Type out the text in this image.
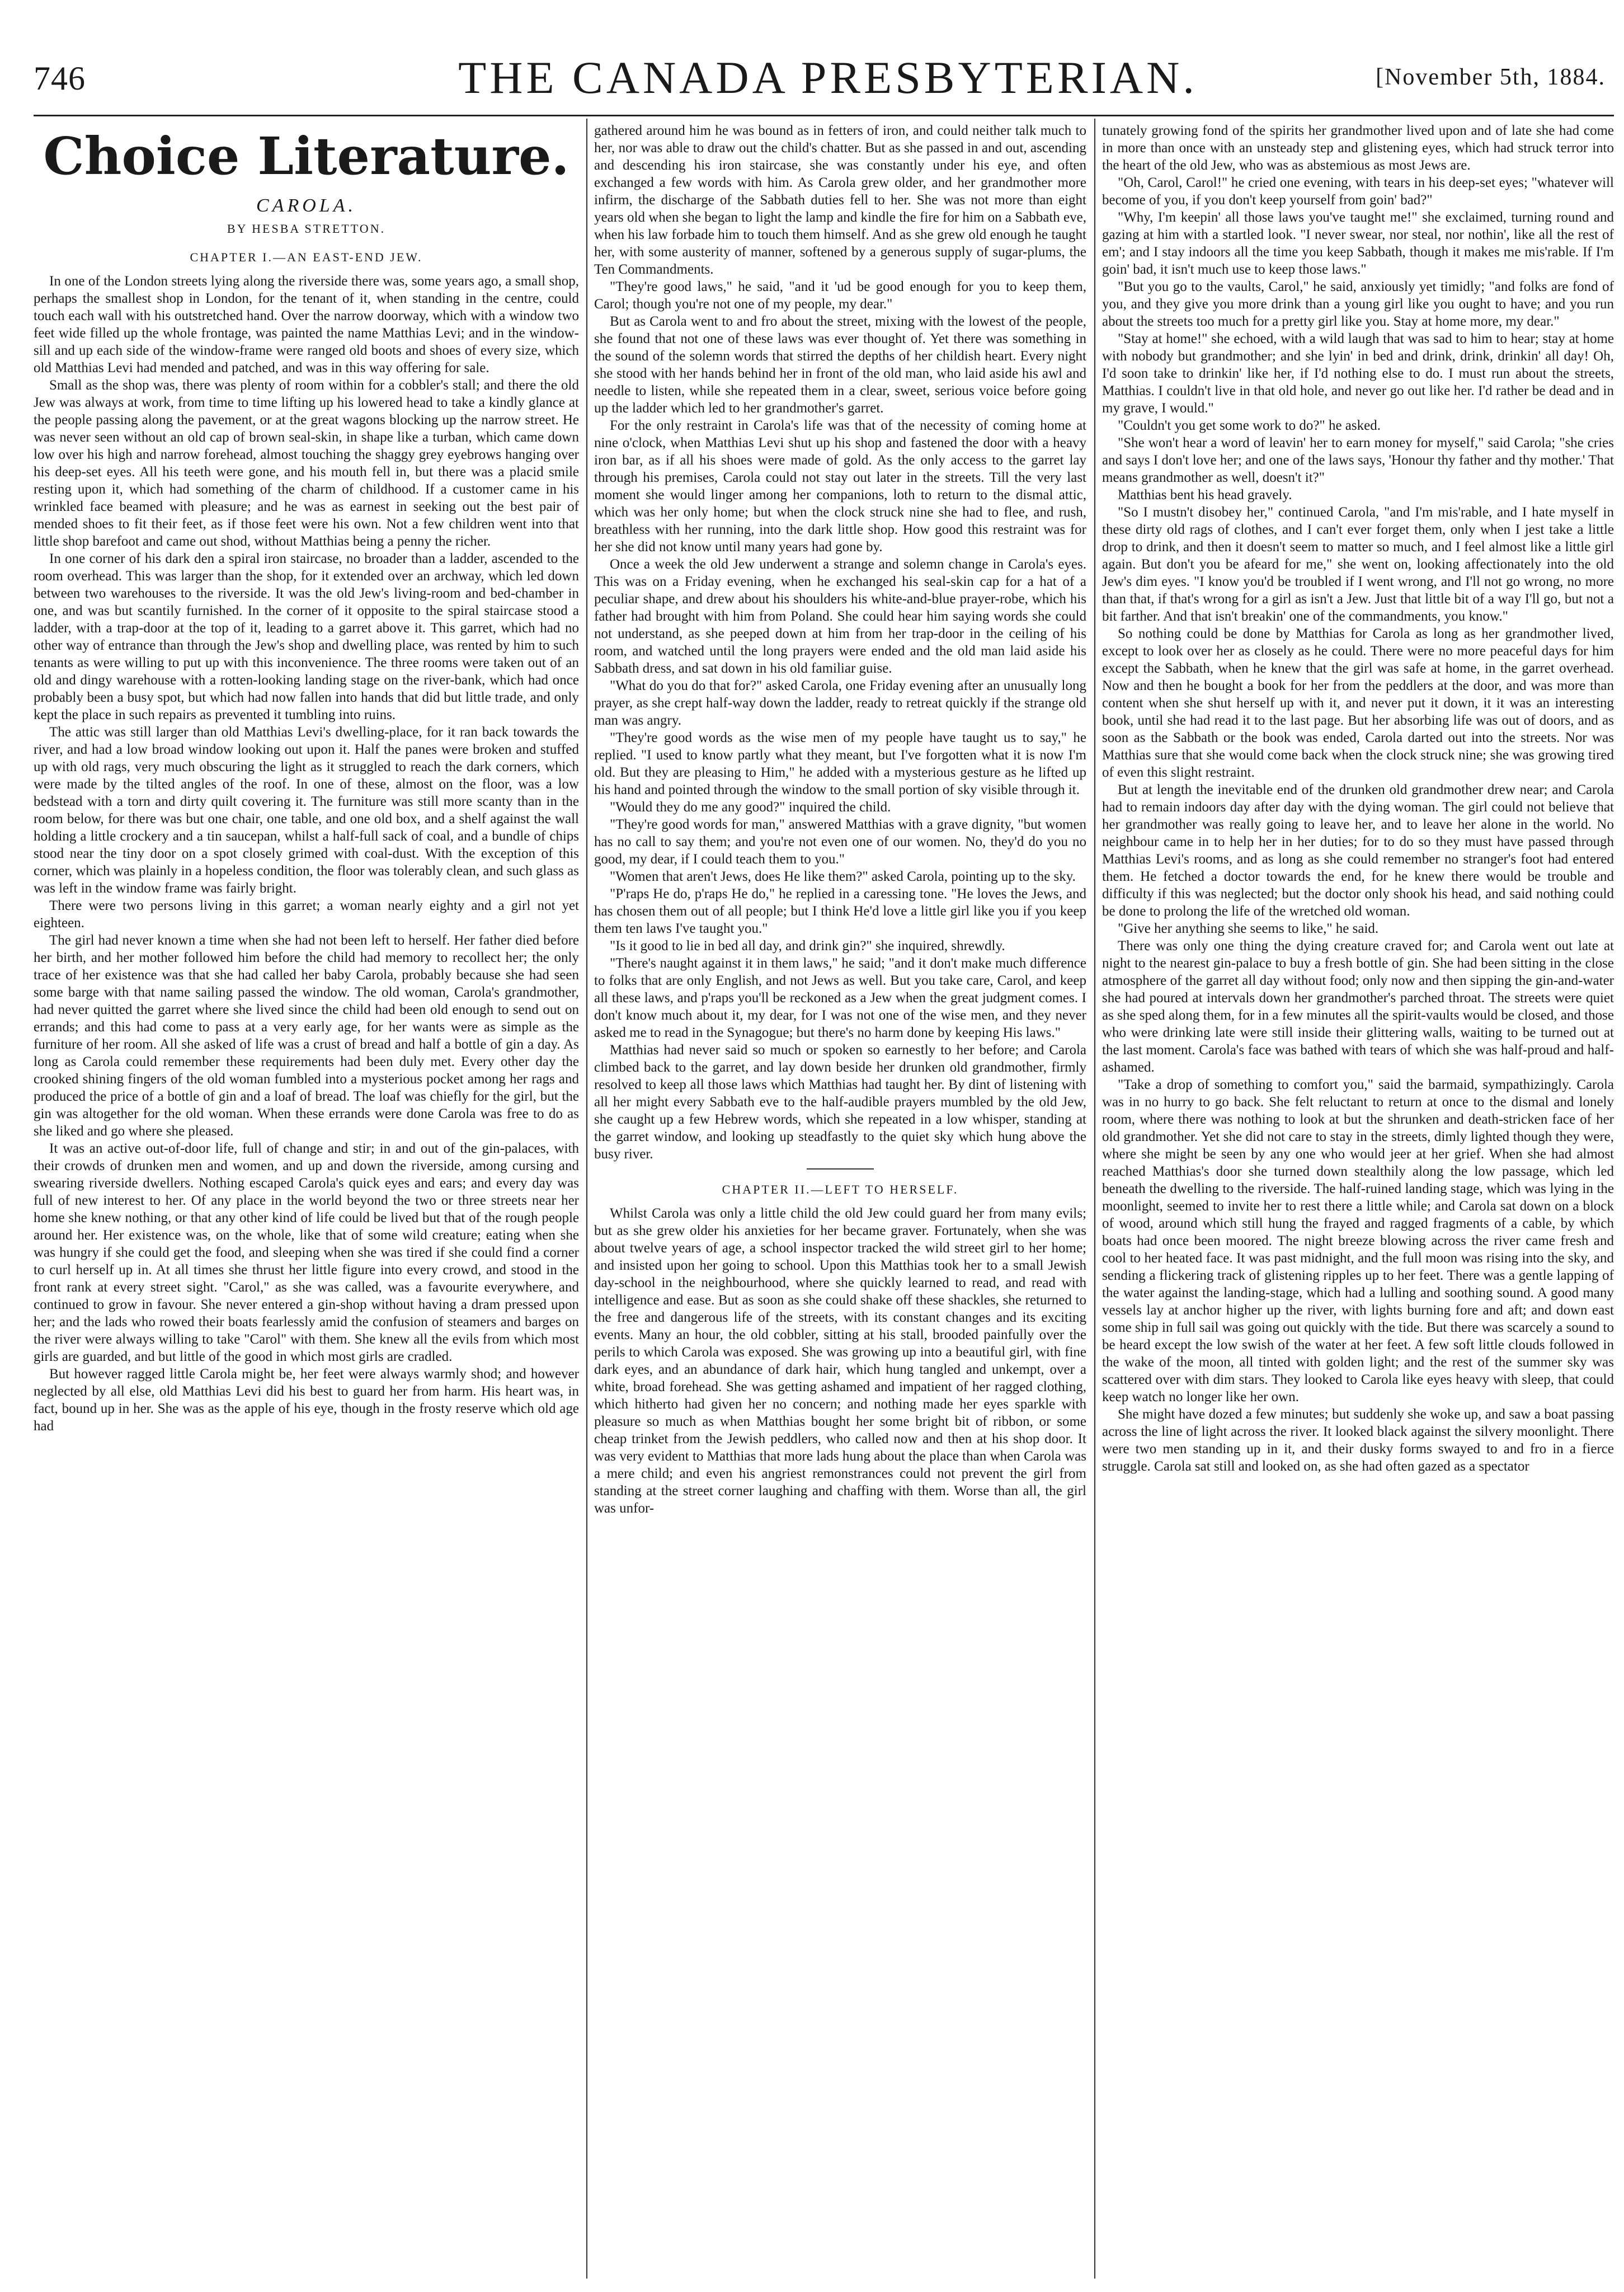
746	THE CANADA PRESBYTERIAN.	[November 5th, 1884.
Choice Literature.
CAROLA.
BY HESBA STRETTON.
CHAPTER I.—AN EAST-END JEW.

In one of the London streets lying along the riverside there was, some years ago, a small shop, perhaps the smallest shop in London, for the tenant of it, when standing in the centre, could touch each wall with his outstretched hand. Over the narrow doorway, which with a window two feet wide filled up the whole frontage, was painted the name Matthias Levi; and in the window-sill and up each side of the window-frame were ranged old boots and shoes of every size, which old Matthias Levi had mended and patched, and was in this way offering for sale.

Small as the shop was, there was plenty of room within for a cobbler's stall; and there the old Jew was always at work, from time to time lifting up his lowered head to take a kindly glance at the people passing along the pavement, or at the great wagons blocking up the narrow street. He was never seen without an old cap of brown seal-skin, in shape like a turban, which came down low over his high and narrow forehead, almost touching the shaggy grey eyebrows hanging over his deep-set eyes. All his teeth were gone, and his mouth fell in, but there was a placid smile resting upon it, which had something of the charm of childhood. If a customer came in his wrinkled face beamed with pleasure; and he was as earnest in seeking out the best pair of mended shoes to fit their feet, as if those feet were his own. Not a few children went into that little shop barefoot and came out shod, without Matthias being a penny the richer.

In one corner of his dark den a spiral iron staircase, no broader than a ladder, ascended to the room overhead. This was larger than the shop, for it extended over an archway, which led down between two warehouses to the riverside. It was the old Jew's living-room and bed-chamber in one, and was but scantily furnished. In the corner of it opposite to the spiral staircase stood a ladder, with a trap-door at the top of it, leading to a garret above it. This garret, which had no other way of entrance than through the Jew's shop and dwelling place, was rented by him to such tenants as were willing to put up with this inconvenience. The three rooms were taken out of an old and dingy warehouse with a rotten-looking landing stage on the river-bank, which had once probably been a busy spot, but which had now fallen into hands that did but little trade, and only kept the place in such repairs as prevented it tumbling into ruins.

The attic was still larger than old Matthias Levi's dwelling-place, for it ran back towards the river, and had a low broad window looking out upon it. Half the panes were broken and stuffed up with old rags, very much obscuring the light as it struggled to reach the dark corners, which were made by the tilted angles of the roof. In one of these, almost on the floor, was a low bedstead with a torn and dirty quilt covering it. The furniture was still more scanty than in the room below, for there was but one chair, one table, and one old box, and a shelf against the wall holding a little crockery and a tin saucepan, whilst a half-full sack of coal, and a bundle of chips stood near the tiny door on a spot closely grimed with coal-dust. With the exception of this corner, which was plainly in a hopeless condition, the floor was tolerably clean, and such glass as was left in the window frame was fairly bright.

There were two persons living in this garret; a woman nearly eighty and a girl not yet eighteen.

The girl had never known a time when she had not been left to herself. Her father died before her birth, and her mother followed him before the child had memory to recollect her; the only trace of her existence was that she had called her baby Carola, probably because she had seen some barge with that name sailing passed the window. The old woman, Carola's grandmother, had never quitted the garret where she lived since the child had been old enough to send out on errands; and this had come to pass at a very early age, for her wants were as simple as the furniture of her room. All she asked of life was a crust of bread and half a bottle of gin a day. As long as Carola could remember these requirements had been duly met. Every other day the crooked shining fingers of the old woman fumbled into a mysterious pocket among her rags and produced the price of a bottle of gin and a loaf of bread. The loaf was chiefly for the girl, but the gin was altogether for the old woman. When these errands were done Carola was free to do as she liked and go where she pleased.

It was an active out-of-door life, full of change and stir; in and out of the gin-palaces, with their crowds of drunken men and women, and up and down the riverside, among cursing and swearing riverside dwellers. Nothing escaped Carola's quick eyes and ears; and every day was full of new interest to her. Of any place in the world beyond the two or three streets near her home she knew nothing, or that any other kind of life could be lived but that of the rough people around her. Her existence was, on the whole, like that of some wild creature; eating when she was hungry if she could get the food, and sleeping when she was tired if she could find a corner to curl herself up in. At all times she thrust her little figure into every crowd, and stood in the front rank at every street sight. "Carol," as she was called, was a favourite everywhere, and continued to grow in favour. She never entered a gin-shop without having a dram pressed upon her; and the lads who rowed their boats fearlessly amid the confusion of steamers and barges on the river were always willing to take "Carol" with them. She knew all the evils from which most girls are guarded, and but little of the good in which most girls are cradled.

But however ragged little Carola might be, her feet were always warmly shod; and however neglected by all else, old Matthias Levi did his best to guard her from harm. His heart was, in fact, bound up in her. She was as the apple of his eye, though in the frosty reserve which old age had

gathered around him he was bound as in fetters of iron, and could neither talk much to her, nor was able to draw out the child's chatter. But as she passed in and out, ascending and descending his iron staircase, she was constantly under his eye, and often exchanged a few words with him. As Carola grew older, and her grandmother more infirm, the discharge of the Sabbath duties fell to her. She was not more than eight years old when she began to light the lamp and kindle the fire for him on a Sabbath eve, when his law forbade him to touch them himself. And as she grew old enough he taught her, with some austerity of manner, softened by a generous supply of sugar-plums, the Ten Commandments.

"They're good laws," he said, "and it 'ud be good enough for you to keep them, Carol; though you're not one of my people, my dear."

But as Carola went to and fro about the street, mixing with the lowest of the people, she found that not one of these laws was ever thought of. Yet there was something in the sound of the solemn words that stirred the depths of her childish heart. Every night she stood with her hands behind her in front of the old man, who laid aside his awl and needle to listen, while she repeated them in a clear, sweet, serious voice before going up the ladder which led to her grandmother's garret.

For the only restraint in Carola's life was that of the necessity of coming home at nine o'clock, when Matthias Levi shut up his shop and fastened the door with a heavy iron bar, as if all his shoes were made of gold. As the only access to the garret lay through his premises, Carola could not stay out later in the streets. Till the very last moment she would linger among her companions, loth to return to the dismal attic, which was her only home; but when the clock struck nine she had to flee, and rush, breathless with her running, into the dark little shop. How good this restraint was for her she did not know until many years had gone by.

Once a week the old Jew underwent a strange and solemn change in Carola's eyes. This was on a Friday evening, when he exchanged his seal-skin cap for a hat of a peculiar shape, and drew about his shoulders his white-and-blue prayer-robe, which his father had brought with him from Poland. She could hear him saying words she could not understand, as she peeped down at him from her trap-door in the ceiling of his room, and watched until the long prayers were ended and the old man laid aside his Sabbath dress, and sat down in his old familiar guise.

"What do you do that for?" asked Carola, one Friday evening after an unusually long prayer, as she crept half-way down the ladder, ready to retreat quickly if the strange old man was angry.

"They're good words as the wise men of my people have taught us to say," he replied. "I used to know partly what they meant, but I've forgotten what it is now I'm old. But they are pleasing to Him," he added with a mysterious gesture as he lifted up his hand and pointed through the window to the small portion of sky visible through it.

"Would they do me any good?" inquired the child.

"They're good words for man," answered Matthias with a grave dignity, "but women has no call to say them; and you're not even one of our women. No, they'd do you no good, my dear, if I could teach them to you."

"Women that aren't Jews, does He like them?" asked Carola, pointing up to the sky.

"P'raps He do, p'raps He do," he replied in a caressing tone. "He loves the Jews, and has chosen them out of all people; but I think He'd love a little girl like you if you keep them ten laws I've taught you."

"Is it good to lie in bed all day, and drink gin?" she inquired, shrewdly.

"There's naught against it in them laws," he said; "and it don't make much difference to folks that are only English, and not Jews as well. But you take care, Carol, and keep all these laws, and p'raps you'll be reckoned as a Jew when the great judgment comes. I don't know much about it, my dear, for I was not one of the wise men, and they never asked me to read in the Synagogue; but there's no harm done by keeping His laws."

Matthias had never said so much or spoken so earnestly to her before; and Carola climbed back to the garret, and lay down beside her drunken old grandmother, firmly resolved to keep all those laws which Matthias had taught her. By dint of listening with all her might every Sabbath eve to the half-audible prayers mumbled by the old Jew, she caught up a few Hebrew words, which she repeated in a low whisper, standing at the garret window, and looking up steadfastly to the quiet sky which hung above the busy river.

CHAPTER II.—LEFT TO HERSELF.

Whilst Carola was only a little child the old Jew could guard her from many evils; but as she grew older his anxieties for her became graver. Fortunately, when she was about twelve years of age, a school inspector tracked the wild street girl to her home; and insisted upon her going to school. Upon this Matthias took her to a small Jewish day-school in the neighbourhood, where she quickly learned to read, and read with intelligence and ease. But as soon as she could shake off these shackles, she returned to the free and dangerous life of the streets, with its constant changes and its exciting events. Many an hour, the old cobbler, sitting at his stall, brooded painfully over the perils to which Carola was exposed. She was growing up into a beautiful girl, with fine dark eyes, and an abundance of dark hair, which hung tangled and unkempt, over a white, broad forehead. She was getting ashamed and impatient of her ragged clothing, which hitherto had given her no concern; and nothing made her eyes sparkle with pleasure so much as when Matthias bought her some bright bit of ribbon, or some cheap trinket from the Jewish peddlers, who called now and then at his shop door. It was very evident to Matthias that more lads hung about the place than when Carola was a mere child; and even his angriest remonstrances could not prevent the girl from standing at the street corner laughing and chaffing with them. Worse than all, the girl was unfor-

tunately growing fond of the spirits her grandmother lived upon and of late she had come in more than once with an unsteady step and glistening eyes, which had struck terror into the heart of the old Jew, who was as abstemious as most Jews are.

"Oh, Carol, Carol!" he cried one evening, with tears in his deep-set eyes; "whatever will become of you, if you don't keep yourself from goin' bad?"

"Why, I'm keepin' all those laws you've taught me!" she exclaimed, turning round and gazing at him with a startled look. "I never swear, nor steal, nor nothin', like all the rest of em'; and I stay indoors all the time you keep Sabbath, though it makes me mis'rable. If I'm goin' bad, it isn't much use to keep those laws."

"But you go to the vaults, Carol," he said, anxiously yet timidly; "and folks are fond of you, and they give you more drink than a young girl like you ought to have; and you run about the streets too much for a pretty girl like you. Stay at home more, my dear."

"Stay at home!" she echoed, with a wild laugh that was sad to him to hear; stay at home with nobody but grandmother; and she lyin' in bed and drink, drink, drinkin' all day! Oh, I'd soon take to drinkin' like her, if I'd nothing else to do. I must run about the streets, Matthias. I couldn't live in that old hole, and never go out like her. I'd rather be dead and in my grave, I would."

"Couldn't you get some work to do?" he asked.

"She won't hear a word of leavin' her to earn money for myself," said Carola; "she cries and says I don't love her; and one of the laws says, 'Honour thy father and thy mother.' That means grandmother as well, doesn't it?"

Matthias bent his head gravely.

"So I mustn't disobey her," continued Carola, "and I'm mis'rable, and I hate myself in these dirty old rags of clothes, and I can't ever forget them, only when I jest take a little drop to drink, and then it doesn't seem to matter so much, and I feel almost like a little girl again. But don't you be afeard for me," she went on, looking affectionately into the old Jew's dim eyes. "I know you'd be troubled if I went wrong, and I'll not go wrong, no more than that, if that's wrong for a girl as isn't a Jew. Just that little bit of a way I'll go, but not a bit farther. And that isn't breakin' one of the commandments, you know."

So nothing could be done by Matthias for Carola as long as her grandmother lived, except to look over her as closely as he could. There were no more peaceful days for him except the Sabbath, when he knew that the girl was safe at home, in the garret overhead. Now and then he bought a book for her from the peddlers at the door, and was more than content when she shut herself up with it, and never put it down, it it was an interesting book, until she had read it to the last page. But her absorbing life was out of doors, and as soon as the Sabbath or the book was ended, Carola darted out into the streets. Nor was Matthias sure that she would come back when the clock struck nine; she was growing tired of even this slight restraint.

But at length the inevitable end of the drunken old grandmother drew near; and Carola had to remain indoors day after day with the dying woman. The girl could not believe that her grandmother was really going to leave her, and to leave her alone in the world. No neighbour came in to help her in her duties; for to do so they must have passed through Matthias Levi's rooms, and as long as she could remember no stranger's foot had entered them. He fetched a doctor towards the end, for he knew there would be trouble and difficulty if this was neglected; but the doctor only shook his head, and said nothing could be done to prolong the life of the wretched old woman.

"Give her anything she seems to like," he said.

There was only one thing the dying creature craved for; and Carola went out late at night to the nearest gin-palace to buy a fresh bottle of gin. She had been sitting in the close atmosphere of the garret all day without food; only now and then sipping the gin-and-water she had poured at intervals down her grandmother's parched throat. The streets were quiet as she sped along them, for in a few minutes all the spirit-vaults would be closed, and those who were drinking late were still inside their glittering walls, waiting to be turned out at the last moment. Carola's face was bathed with tears of which she was half-proud and half-ashamed.

"Take a drop of something to comfort you," said the barmaid, sympathizingly. Carola was in no hurry to go back. She felt reluctant to return at once to the dismal and lonely room, where there was nothing to look at but the shrunken and death-stricken face of her old grandmother. Yet she did not care to stay in the streets, dimly lighted though they were, where she might be seen by any one who would jeer at her grief. When she had almost reached Matthias's door she turned down stealthily along the low passage, which led beneath the dwelling to the riverside. The half-ruined landing stage, which was lying in the moonlight, seemed to invite her to rest there a little while; and Carola sat down on a block of wood, around which still hung the frayed and ragged fragments of a cable, by which boats had once been moored. The night breeze blowing across the river came fresh and cool to her heated face. It was past midnight, and the full moon was rising into the sky, and sending a flickering track of glistening ripples up to her feet. There was a gentle lapping of the water against the landing-stage, which had a lulling and soothing sound. A good many vessels lay at anchor higher up the river, with lights burning fore and aft; and down east some ship in full sail was going out quickly with the tide. But there was scarcely a sound to be heard except the low swish of the water at her feet. A few soft little clouds followed in the wake of the moon, all tinted with golden light; and the rest of the summer sky was scattered over with dim stars. They looked to Carola like eyes heavy with sleep, that could keep watch no longer like her own.

She might have dozed a few minutes; but suddenly she woke up, and saw a boat passing across the line of light across the river. It looked black against the silvery moonlight. There were two men standing up in it, and their dusky forms swayed to and fro in a fierce struggle. Carola sat still and looked on, as she had often gazed as a spectator
